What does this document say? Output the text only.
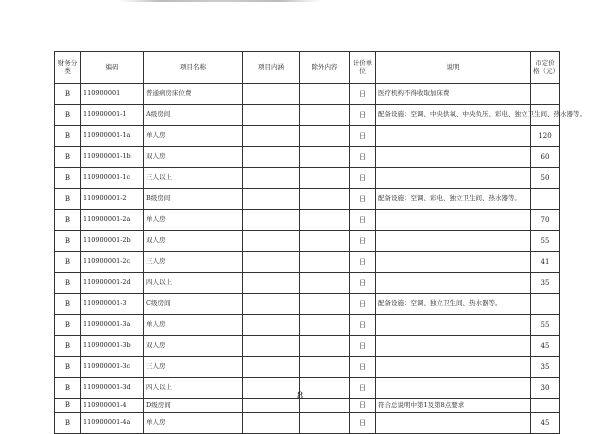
财务分类	编码	项目名称	项目内涵	除外内容	计价单位	说明	市定价格（元）
B	110900001	普通病房床位费			日	医疗机构不得收取加床费	
B	110900001-1	A级房间			日	配备设施：空调、中央供氧、中央负压、彩电、独立卫生间、热水器等。	
B	110900001-1a	单人房			日		120
B	110900001-1b	双人房			日		60
B	110900001-1c	三人以上			日		50
B	110900001-2	B级房间			日	配备设施：空调、彩电、独立卫生间、热水器等。	
B	110900001-2a	单人房			日		70
B	110900001-2b	双人房			日		55
B	110900001-2c	三人房			日		41
B	110900001-2d	四人以上			日		35
B	110900001-3	C级房间			日	配备设施：空调、独立卫生间、热水器等。	
B	110900001-3a	单人房			日		55
B	110900001-3b	双人房			日		45
B	110900001-3c	三人房			日		35
B	110900001-3d	四人以上			日		30
B	110900001-4	D级房间			日	符合总说明中第1及第8点要求	
B	110900001-4a	单人房			日		45
8
